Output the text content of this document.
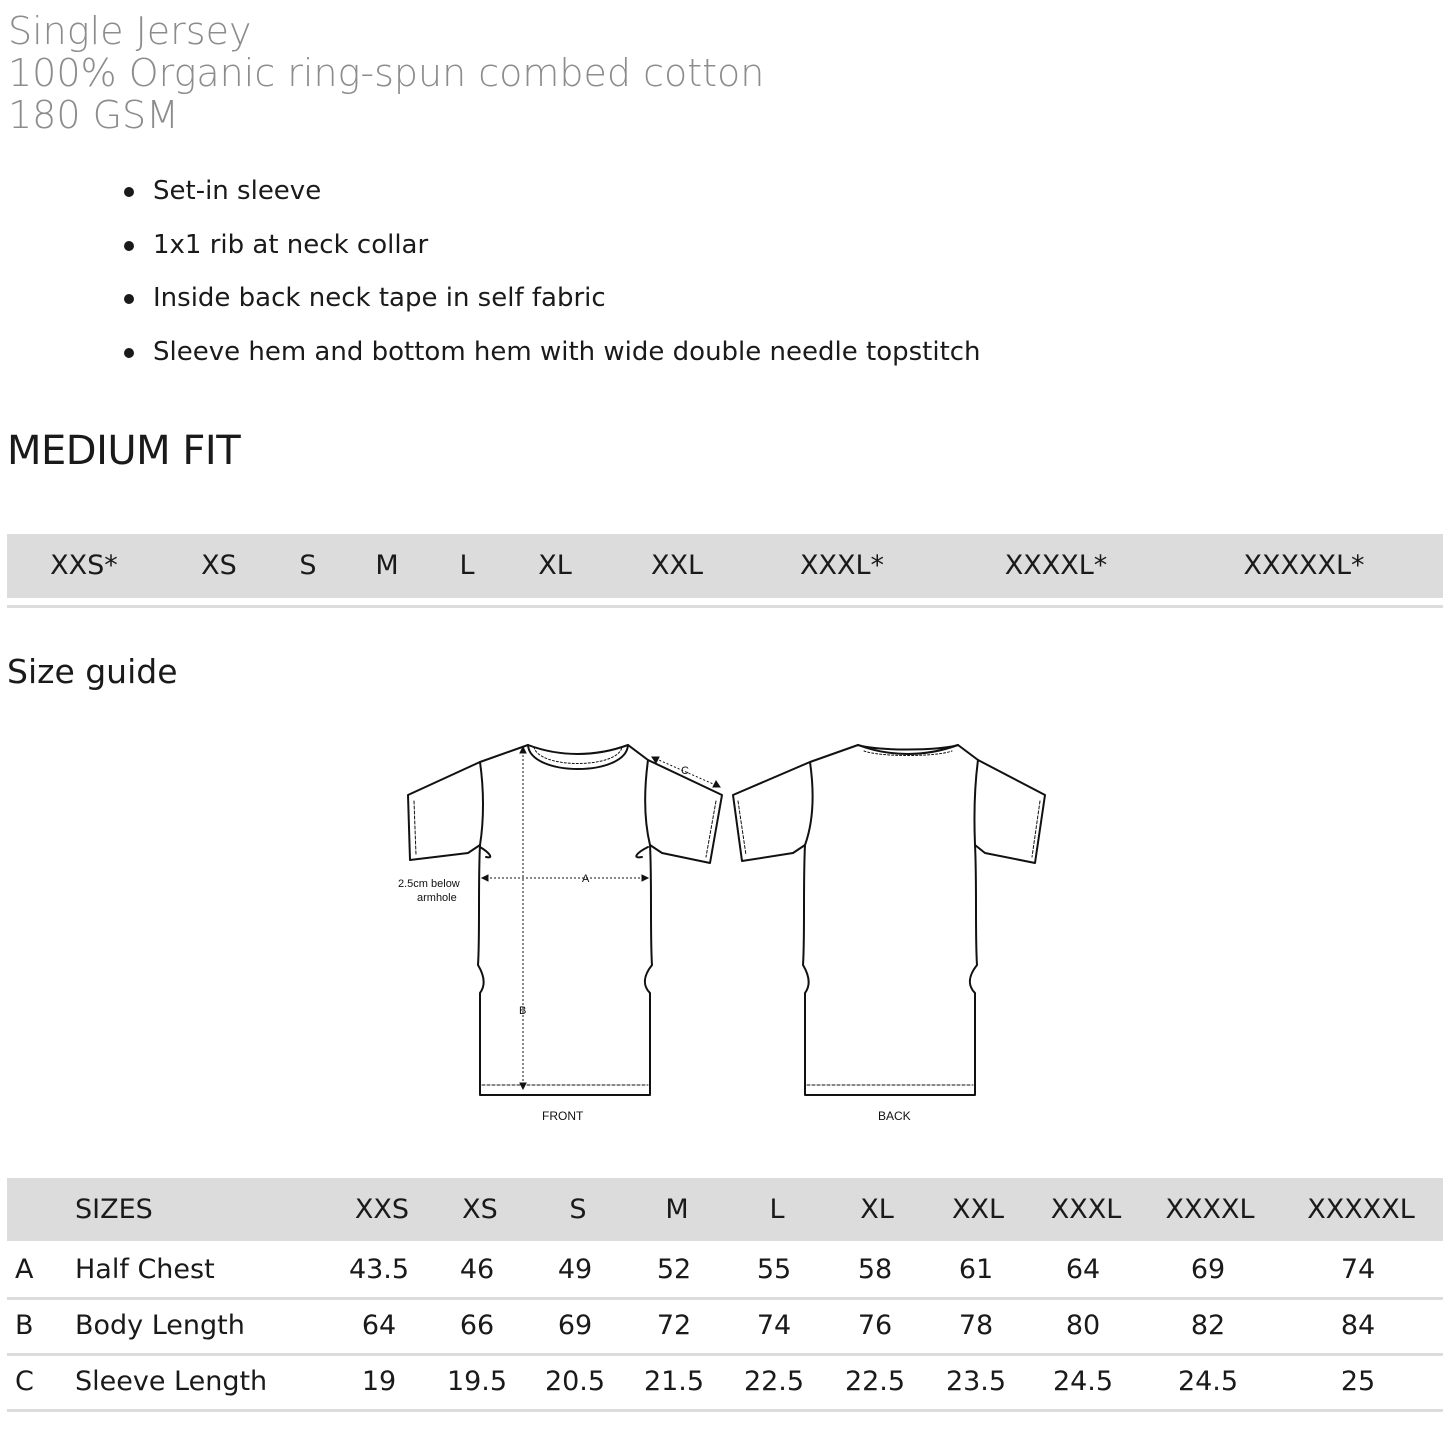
Single Jersey
100% Organic ring-spun combed cotton
180 GSM
Set-in sleeve
1x1 rib at neck collar
Inside back neck tape in self fabric
Sleeve hem and bottom hem with wide double needle topstitch
MEDIUM FIT
XXS*	XS S M L XL	XXL	XXXL*	XXXXL*	XXXXXL*
Size guide
A
B
C
2.5cm below
armhole
FRONT	BACK
SIZES	XXS XS	S	M	L	XL XXL XXXL XXXXL XXXXXL
A Half Chest	43.5 46 49 52 55 58 61	64	69	74
B Body Length	64 66 69 72 74 76 78	80	82	84
C Sleeve Length	19 19.5 20.5 21.5 22.5 22.5 23.5 24.5 24.5	25
